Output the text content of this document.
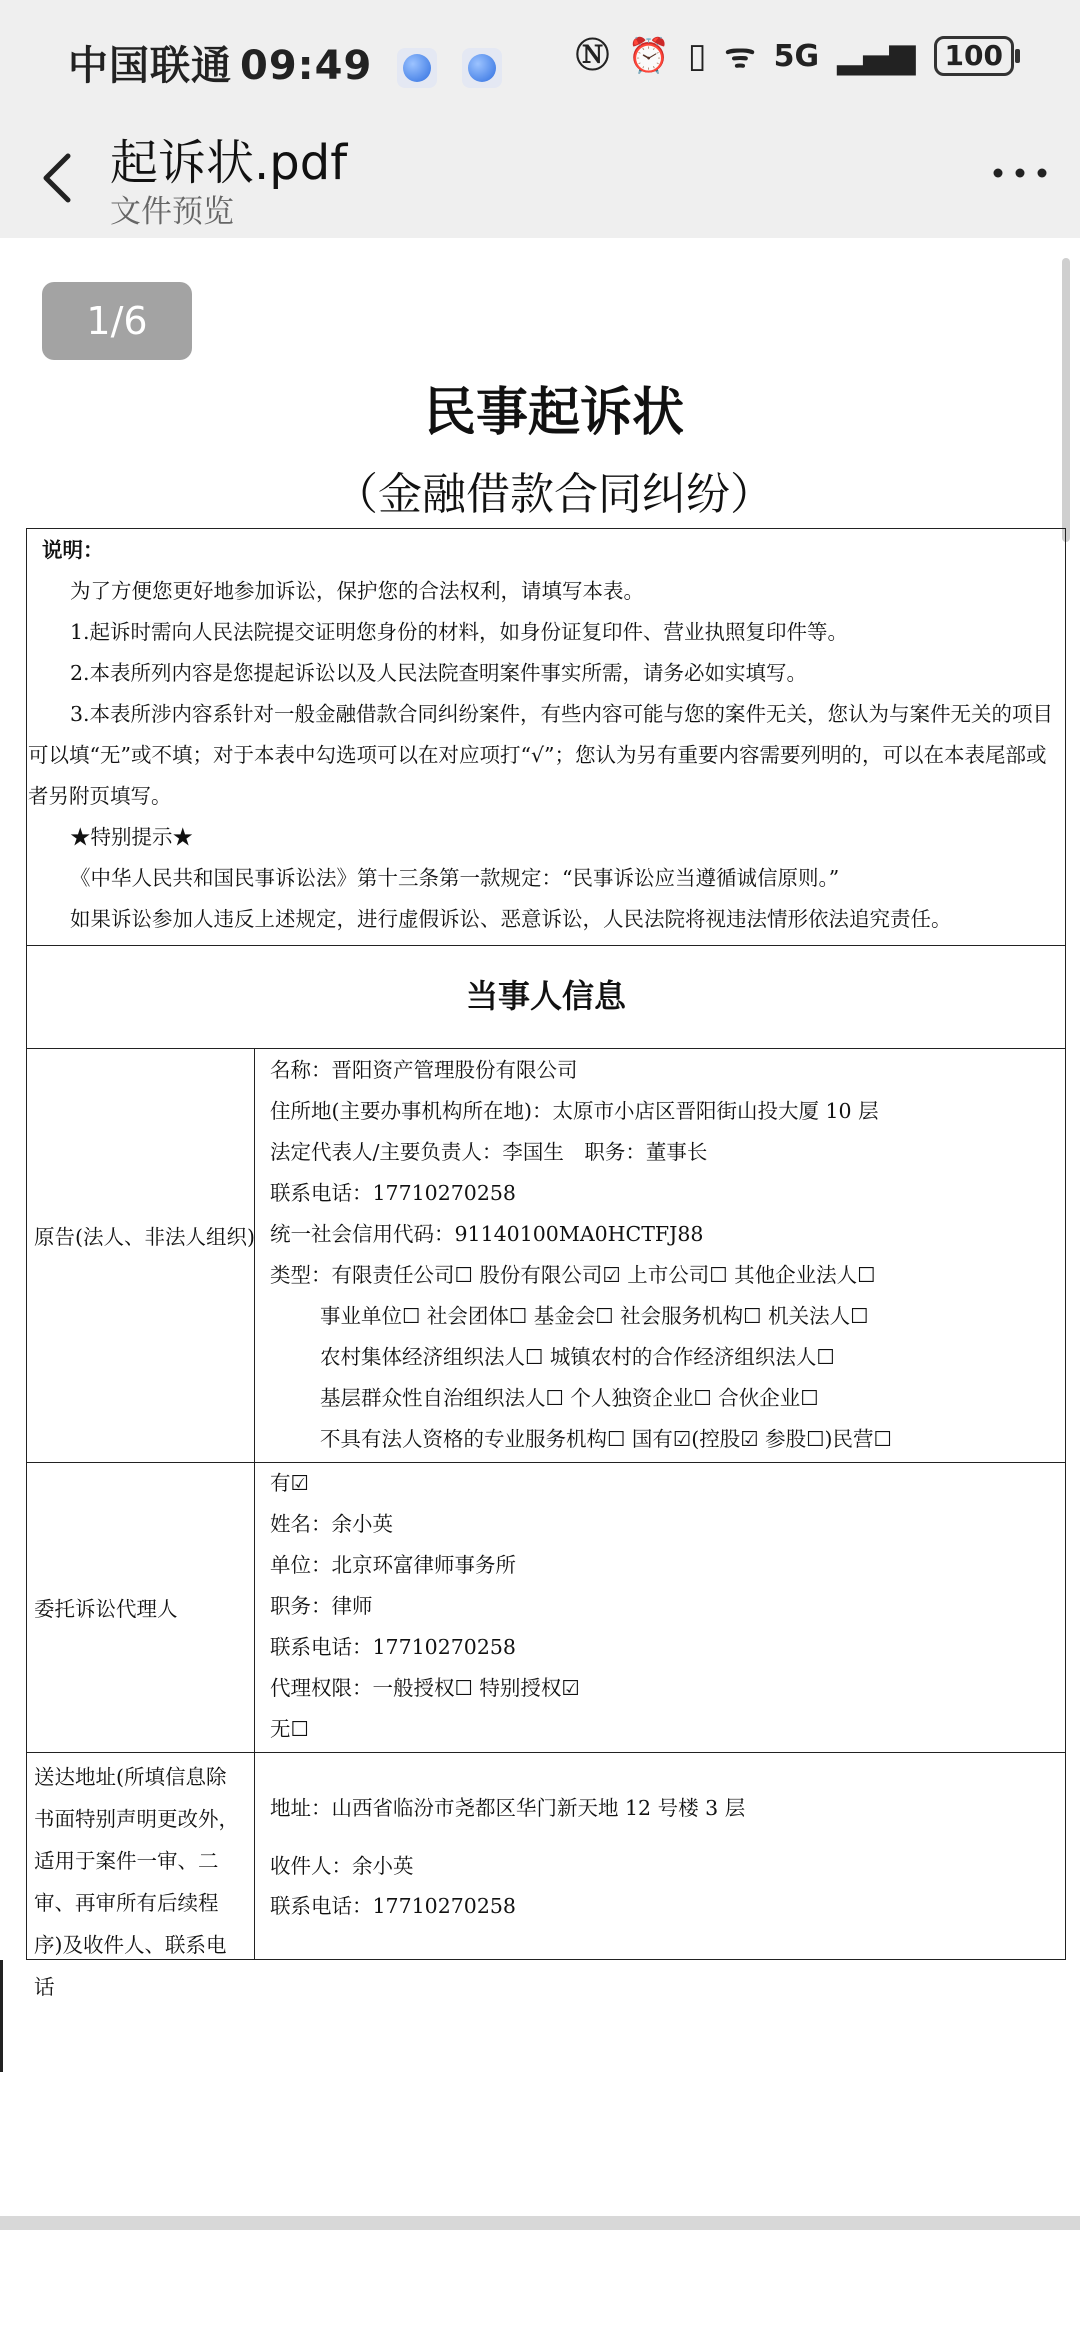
中国联通 09:49	Ⓝ ⏰ ▯ ᯤ 5G ▂▄▆	100
起诉状.pdf
文件预览
1/6
民事起诉状
（金融借款合同纠纷）

说明：

为了方便您更好地参加诉讼，保护您的合法权利，请填写本表。

1.起诉时需向人民法院提交证明您身份的材料，如身份证复印件、营业执照复印件等。

2.本表所列内容是您提起诉讼以及人民法院查明案件事实所需，请务必如实填写。

3.本表所涉内容系针对一般金融借款合同纠纷案件，有些内容可能与您的案件无关，您认为与案件无关的项目可以填“无”或不填；对于本表中勾选项可以在对应项打“√”；您认为另有重要内容需要列明的，可以在本表尾部或者另附页填写。

★特别提示★

《中华人民共和国民事诉讼法》第十三条第一款规定：“民事诉讼应当遵循诚信原则。”

如果诉讼参加人违反上述规定，进行虚假诉讼、恶意诉讼，人民法院将视违法情形依法追究责任。

当事人信息
原告(法人、非法人组织)
名称：晋阳资产管理股份有限公司
住所地(主要办事机构所在地)：太原市小店区晋阳街山投大厦 10 层
法定代表人/主要负责人：李国生　职务：董事长
联系电话：17710270258
统一社会信用代码：91140100MA0HCTFJ88
类型：有限责任公司☐ 股份有限公司☑ 上市公司☐ 其他企业法人☐
事业单位☐ 社会团体☐ 基金会☐ 社会服务机构☐ 机关法人☐
农村集体经济组织法人☐ 城镇农村的合作经济组织法人☐
基层群众性自治组织法人☐ 个人独资企业☐ 合伙企业☐
不具有法人资格的专业服务机构☐ 国有☑(控股☑ 参股☐)民营☐
委托诉讼代理人
有☑
姓名：余小英
单位：北京环富律师事务所
职务：律师
联系电话：17710270258
代理权限：一般授权☐ 特别授权☑
无☐
送达地址(所填信息除书面特别声明更改外，适用于案件一审、二审、再审所有后续程序)及收件人、联系电话
地址：山西省临汾市尧都区华门新天地 12 号楼 3 层
收件人：余小英
联系电话：17710270258
